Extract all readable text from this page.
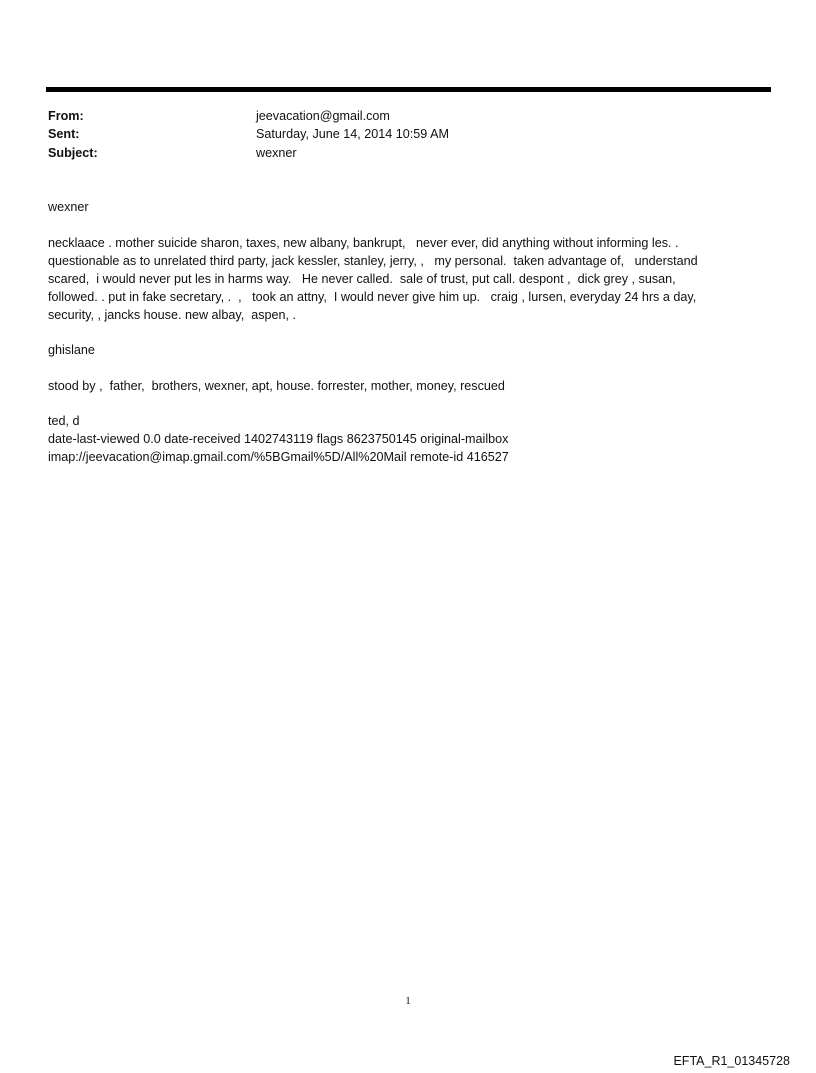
From:	jeevacation@gmail.com
Sent:	Saturday, June 14, 2014 10:59 AM
Subject:	wexner
wexner
necklaace . mother suicide sharon, taxes, new albany, bankrupt,   never ever, did anything without informing les. .
questionable as to unrelated third party, jack kessler, stanley, jerry, ,   my personal.  taken advantage of,   understand
scared,  i would never put les in harms way.   He never called.  sale of trust, put call. despont ,  dick grey , susan,
followed. . put in fake secretary, .  ,   took an attny,  I would never give him up.   craig , lursen, everyday 24 hrs a day,
security, , jancks house. new albay,  aspen, .
ghislane
stood by ,  father,  brothers, wexner, apt, house. forrester, mother, money, rescued
ted, d
date-last-viewed 0.0 date-received 1402743119 flags 8623750145 original-mailbox
imap://jeevacation@imap.gmail.com/%5BGmail%5D/All%20Mail remote-id 416527
1
EFTA_R1_01345728
